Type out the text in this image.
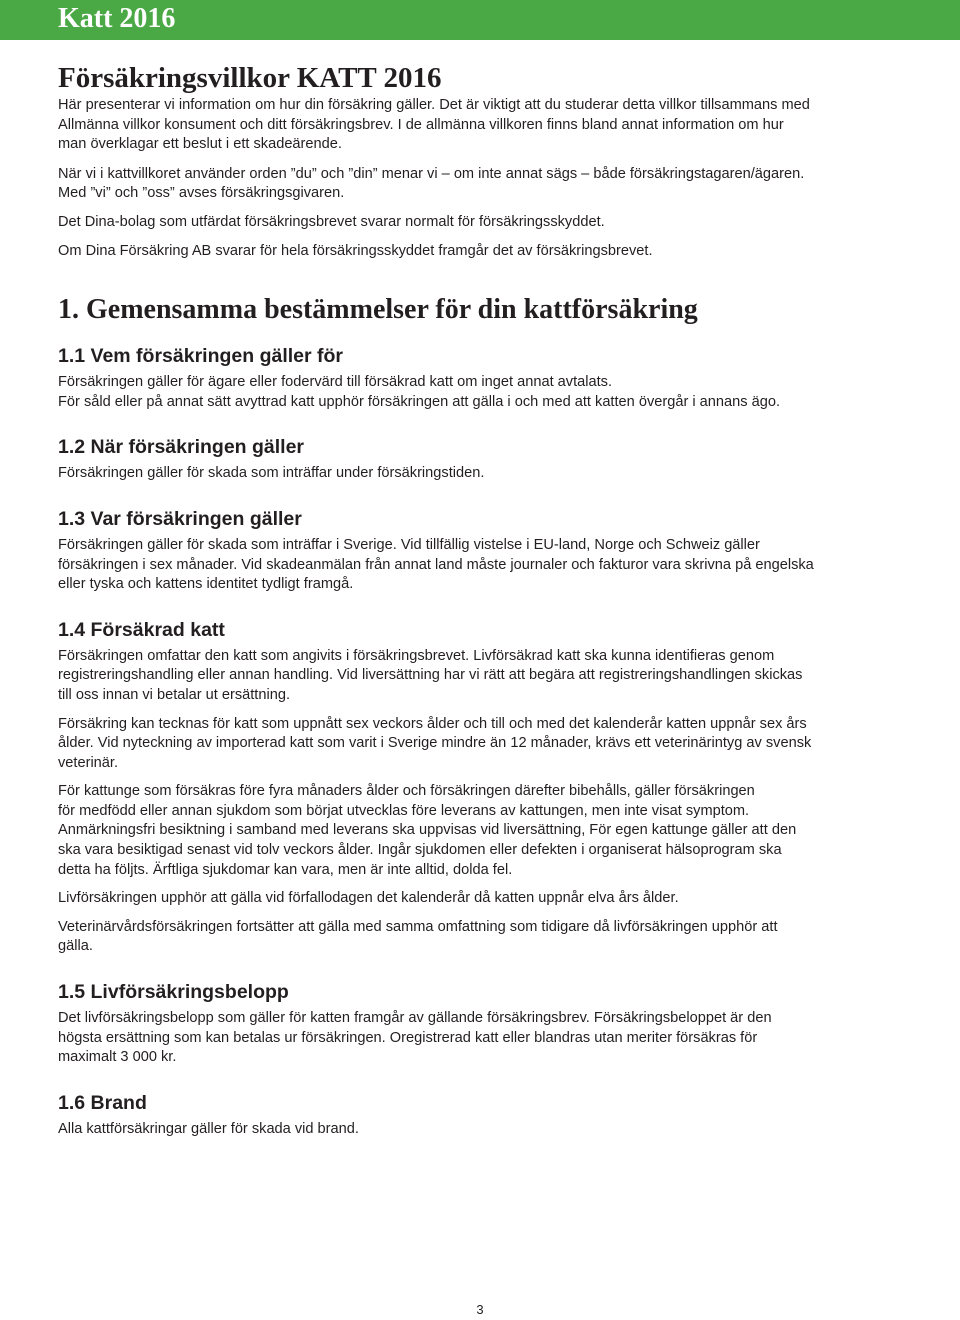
Katt 2016
Försäkringsvillkor KATT 2016

Här presenterar vi information om hur din försäkring gäller. Det är viktigt att du studerar detta villkor tillsammans med
Allmänna villkor konsument och ditt försäkringsbrev. I de allmänna villkoren finns bland annat information om hur
man överklagar ett beslut i ett skadeärende.

När vi i kattvillkoret använder orden ”du” och ”din” menar vi – om inte annat sägs – både försäkringstagaren/ägaren.
Med ”vi” och ”oss” avses försäkringsgivaren.

Det Dina-bolag som utfärdat försäkringsbrevet svarar normalt för försäkringsskyddet.

Om Dina Försäkring AB svarar för hela försäkringsskyddet framgår det av försäkringsbrevet.

1. Gemensamma bestämmelser för din kattförsäkring
1.1 Vem försäkringen gäller för

Försäkringen gäller för ägare eller fodervärd till försäkrad katt om inget annat avtalats.
För såld eller på annat sätt avyttrad katt upphör försäkringen att gälla i och med att katten övergår i annans ägo.

1.2 När försäkringen gäller

Försäkringen gäller för skada som inträffar under försäkringstiden.

1.3 Var försäkringen gäller

Försäkringen gäller för skada som inträffar i Sverige. Vid tillfällig vistelse i EU-land, Norge och Schweiz gäller
försäkringen i sex månader. Vid skadeanmälan från annat land måste journaler och fakturor vara skrivna på engelska
eller tyska och kattens identitet tydligt framgå.

1.4 Försäkrad katt

Försäkringen omfattar den katt som angivits i försäkringsbrevet. Livförsäkrad katt ska kunna identifieras genom
registreringshandling eller annan handling. Vid liversättning har vi rätt att begära att registreringshandlingen skickas
till oss innan vi betalar ut ersättning.

Försäkring kan tecknas för katt som uppnått sex veckors ålder och till och med det kalenderår katten uppnår sex års
ålder. Vid nyteckning av importerad katt som varit i Sverige mindre än 12 månader, krävs ett veterinärintyg av svensk
veterinär.

För kattunge som försäkras före fyra månaders ålder och försäkringen därefter bibehålls, gäller försäkringen
för medfödd eller annan sjukdom som börjat utvecklas före leverans av kattungen, men inte visat symptom.
Anmärkningsfri besiktning i samband med leverans ska uppvisas vid liversättning, För egen kattunge gäller att den
ska vara besiktigad senast vid tolv veckors ålder. Ingår sjukdomen eller defekten i organiserat hälsoprogram ska
detta ha följts. Ärftliga sjukdomar kan vara, men är inte alltid, dolda fel.

Livförsäkringen upphör att gälla vid förfallodagen det kalenderår då katten uppnår elva års ålder.

Veterinärvårdsförsäkringen fortsätter att gälla med samma omfattning som tidigare då livförsäkringen upphör att
gälla.

1.5 Livförsäkringsbelopp

Det livförsäkringsbelopp som gäller för katten framgår av gällande försäkringsbrev. Försäkringsbeloppet är den
högsta ersättning som kan betalas ur försäkringen. Oregistrerad katt eller blandras utan meriter försäkras för
maximalt 3 000 kr.

1.6 Brand

Alla kattförsäkringar gäller för skada vid brand.

3
